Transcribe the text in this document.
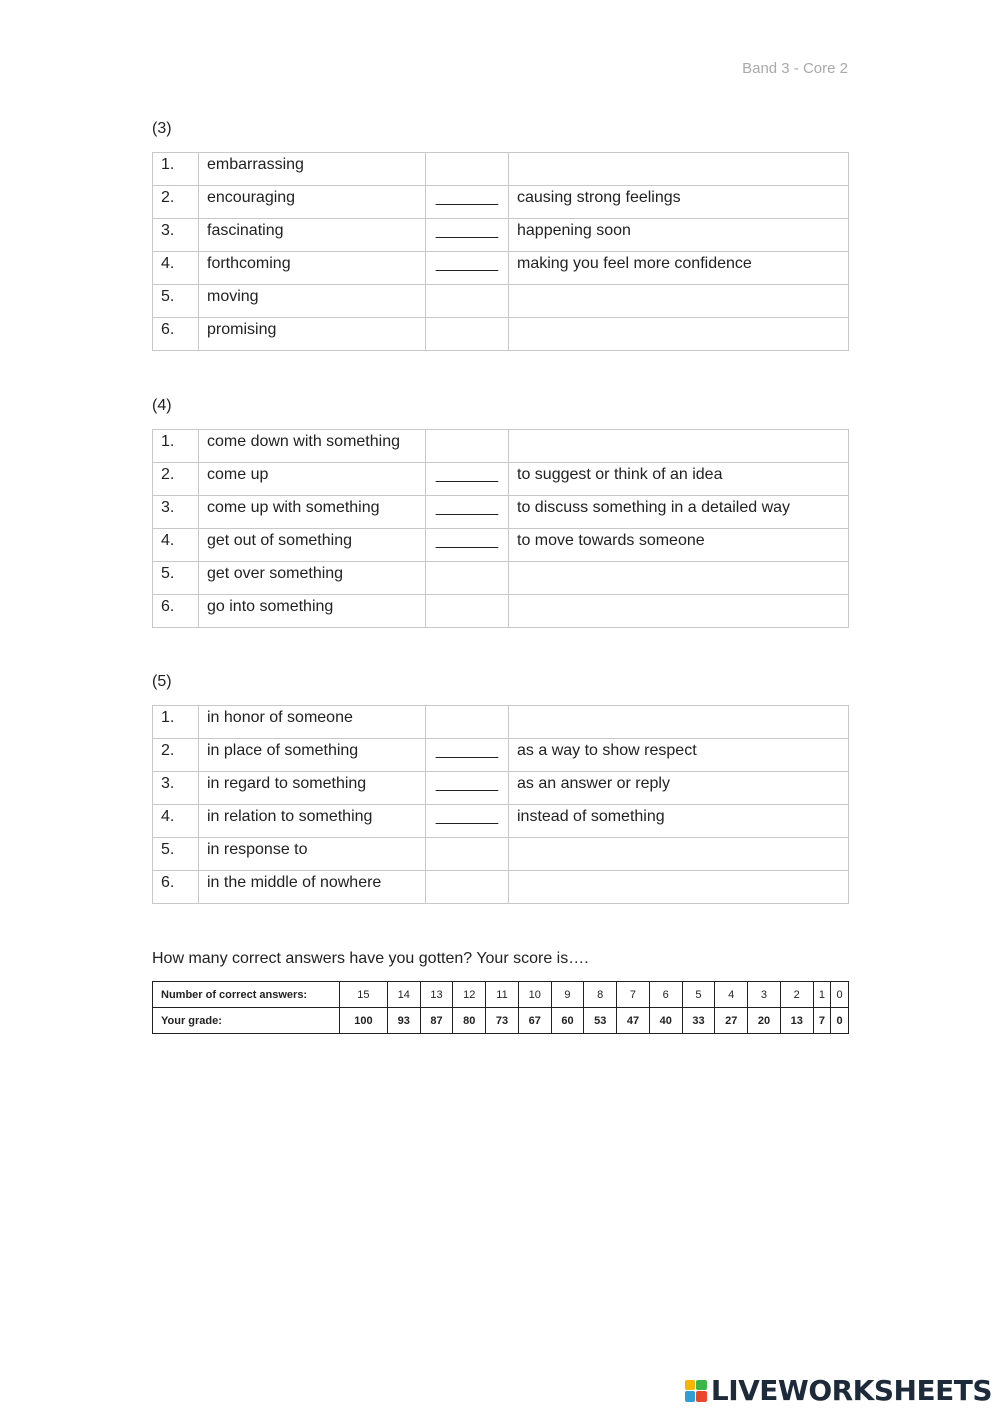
Band 3 - Core 2
(3)
1.	embarrassing		
2.	encouraging	_______	causing strong feelings
3.	fascinating	_______	happening soon
4.	forthcoming	_______	making you feel more confidence
5.	moving		
6.	promising		
(4)
1.	come down with something		
2.	come up	_______	to suggest or think of an idea
3.	come up with something	_______	to discuss something in a detailed way
4.	get out of something	_______	to move towards someone
5.	get over something		
6.	go into something		
(5)
1.	in honor of someone		
2.	in place of something	_______	as a way to show respect
3.	in regard to something	_______	as an answer or reply
4.	in relation to something	_______	instead of something
5.	in response to		
6.	in the middle of nowhere		
How many correct answers have you gotten? Your score is….
Number of correct answers:	15	14	13	12	11	10	9	8	7	6	5	4	3	2	1	0
Your grade:	100	93	87	80	73	67	60	53	47	40	33	27	20	13	7	0
LIVEWORKSHEETS
